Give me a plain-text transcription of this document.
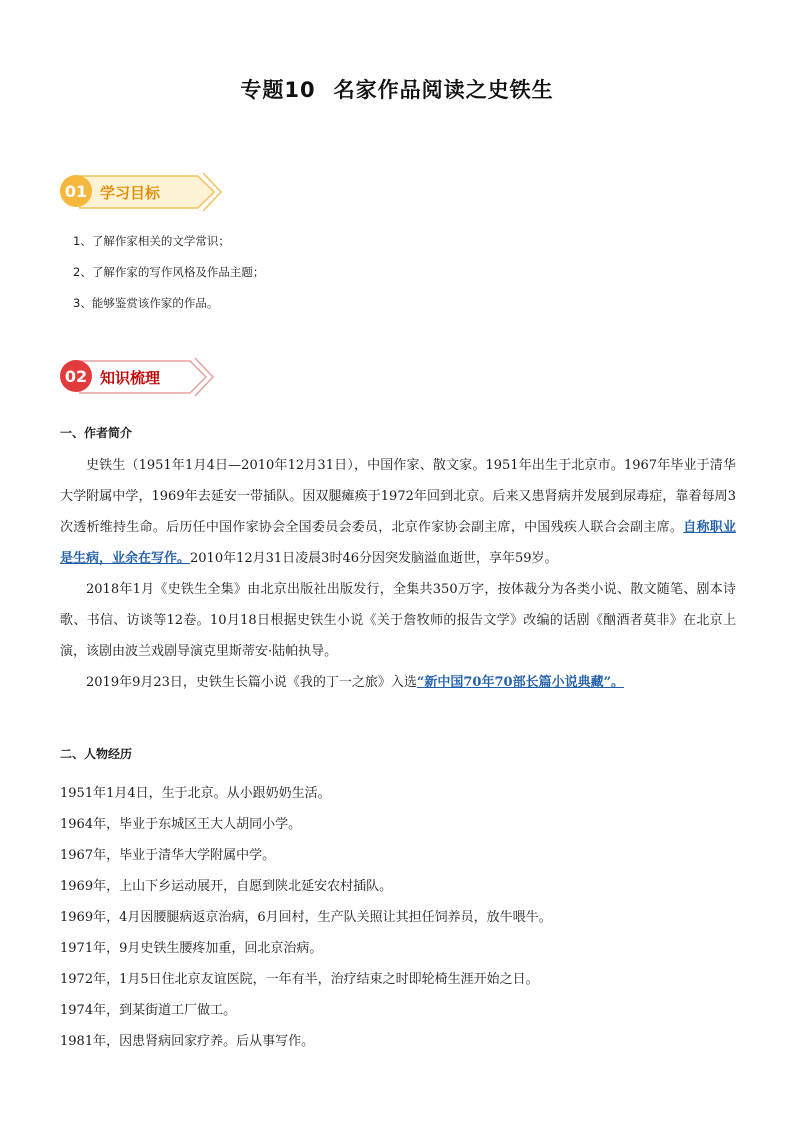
专题10 名家作品阅读之史铁生
01 学习目标
1、了解作家相关的文学常识；
2、了解作家的写作风格及作品主题；
3、能够鉴赏该作家的作品。
02 知识梳理
一、作者简介
史铁生（1951年1月4日—2010年12月31日），中国作家、散文家。1951年出生于北京市。1967年毕业于清华大学附属中学，1969年去延安一带插队。因双腿瘫痪于1972年回到北京。后来又患肾病并发展到尿毒症，靠着每周3次透析维持生命。后历任中国作家协会全国委员会委员，北京作家协会副主席，中国残疾人联合会副主席。自称职业是生病，业余在写作。2010年12月31日凌晨3时46分因突发脑溢血逝世，享年59岁。
2018年1月《史铁生全集》由北京出版社出版发行，全集共350万字，按体裁分为各类小说、散文随笔、剧本诗歌、书信、访谈等12卷。10月18日根据史铁生小说《关于詹牧师的报告文学》改编的话剧《酗酒者莫非》在北京上演，该剧由波兰戏剧导演克里斯蒂安·陆帕执导。
2019年9月23日，史铁生长篇小说《我的丁一之旅》入选“新中国70年70部长篇小说典藏”。
二、人物经历
1951年1月4日，生于北京。从小跟奶奶生活。
1964年，毕业于东城区王大人胡同小学。
1967年，毕业于清华大学附属中学。
1969年，上山下乡运动展开，自愿到陕北延安农村插队。
1969年，4月因腰腿病返京治病，6月回村，生产队关照让其担任饲养员，放牛喂牛。
1971年，9月史铁生腰疼加重，回北京治病。
1972年，1月5日住北京友谊医院，一年有半，治疗结束之时即轮椅生涯开始之日。
1974年，到某街道工厂做工。
1981年，因患肾病回家疗养。后从事写作。
